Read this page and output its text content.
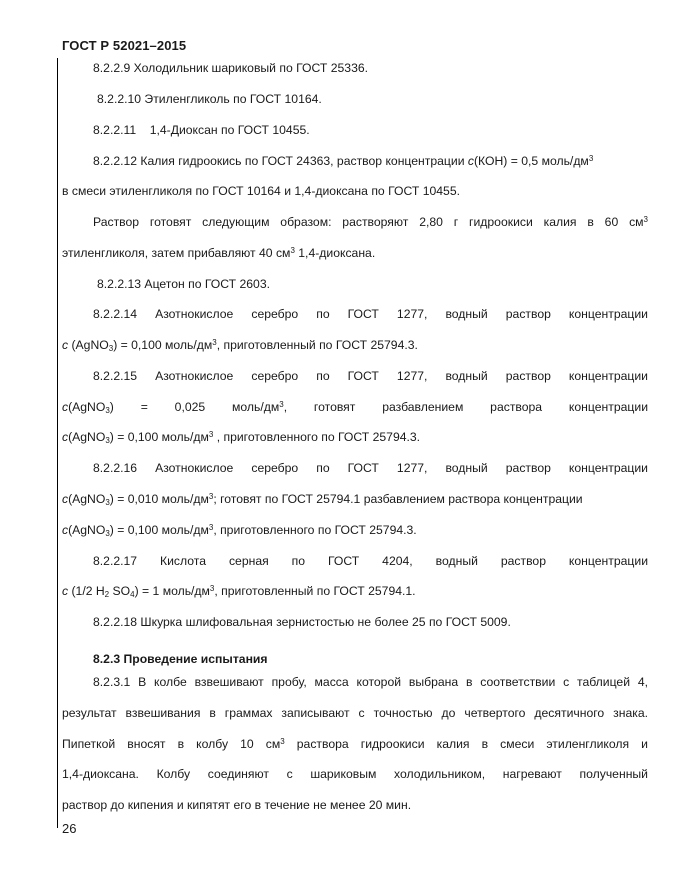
ГОСТ Р 52021–2015
8.2.2.9 Холодильник шариковый по ГОСТ 25336.
8.2.2.10 Этиленгликоль по ГОСТ 10164.
8.2.2.11    1,4-Диоксан по ГОСТ 10455.
8.2.2.12 Калия гидроокись по ГОСТ 24363, раствор концентрации с(КОН) = 0,5 моль/$дм^3$
в смеси этиленгликоля по ГОСТ 10164 и 1,4-диоксана по ГОСТ 10455.
Раствор готовят следующим образом: растворяют 2,80 г гидроокиси калия в 60 $см^3$
этиленгликоля, затем прибавляют 40 $см^3$ 1,4-диоксана.
8.2.2.13 Ацетон по ГОСТ 2603.
8.2.2.14 Азотнокислое серебро по ГОСТ 1277, водный раствор концентрации
с (AgNO$_3$) = 0,100 моль/$дм^3$, приготовленный по ГОСТ 25794.3.
8.2.2.15 Азотнокислое серебро по ГОСТ 1277, водный раствор концентрации
с(AgNO$_3$)  =  0,025  моль/$дм^3$,  готовят  разбавлением  раствора  концентрации
с(AgNO$_3$) = 0,100 моль/$дм^3$ , приготовленного по ГОСТ 25794.3.
8.2.2.16 Азотнокислое серебро по ГОСТ 1277, водный раствор концентрации
с(AgNO$_3$) = 0,010 моль/$дм^3$; готовят по ГОСТ 25794.1 разбавлением раствора концентрации
с(AgNO$_3$) = 0,100 моль/$дм^3$, приготовленного по ГОСТ 25794.3.
8.2.2.17 Кислота серная по ГОСТ 4204, водный раствор концентрации
с (1/2 $H_2$ $SO_4) = 1$ моль/$дм^3$, приготовленный по ГОСТ 25794.1.
8.2.2.18 Шкурка шлифовальная зернистостью не более 25 по ГОСТ 5009.
8.2.3 Проведение испытания
8.2.3.1 В колбе взвешивают пробу, масса которой выбрана в соответствии с таблицей 4,
результат взвешивания в граммах записывают с точностью до четвертого десятичного знака.
Пипеткой вносят в колбу 10 $см^3$ раствора гидроокиси калия в смеси этиленгликоля и
1,4-диоксана. Колбу соединяют с шариковым холодильником, нагревают полученный
раствор до кипения и кипятят его в течение не менее 20 мин.
26
